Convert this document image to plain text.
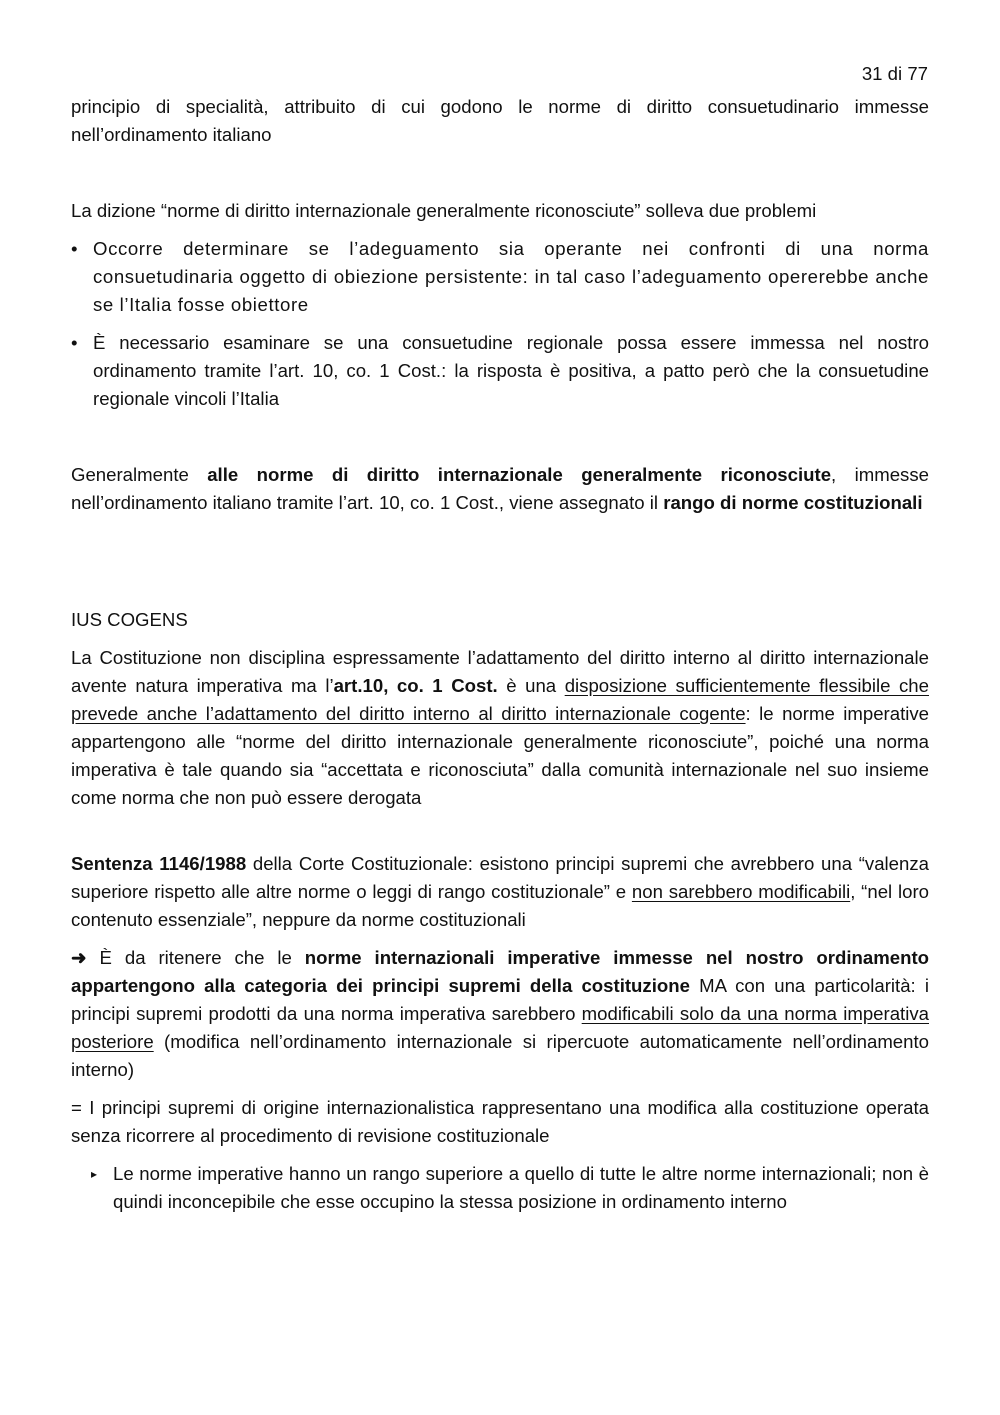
31 di 77

principio di specialità, attribuito di cui godono le norme di diritto consuetudinario immesse nell’ordinamento italiano

La dizione “norme di diritto internazionale generalmente riconosciute” solleva due problemi

• Occorre determinare se l’adeguamento sia operante nei confronti di una norma consuetudinaria oggetto di obiezione persistente: in tal caso l’adeguamento opererebbe anche se l’Italia fosse obiettore
• È necessario esaminare se una consuetudine regionale possa essere immessa nel nostro ordinamento tramite l’art. 10, co. 1 Cost.: la risposta è positiva, a patto però che la consuetudine regionale vincoli l’Italia

Generalmente alle norme di diritto internazionale generalmente riconosciute, immesse nell’ordinamento italiano tramite l’art. 10, co. 1 Cost., viene assegnato il rango di norme costituzionali

IUS COGENS

La Costituzione non disciplina espressamente l’adattamento del diritto interno al diritto internazionale avente natura imperativa ma l’art.10, co. 1 Cost. è una disposizione sufficientemente flessibile che prevede anche l’adattamento del diritto interno al diritto internazionale cogente: le norme imperative appartengono alle “norme del diritto internazionale generalmente riconosciute”, poiché una norma imperativa è tale quando sia “accettata e riconosciuta” dalla comunità internazionale nel suo insieme come norma che non può essere derogata

Sentenza 1146/1988 della Corte Costituzionale: esistono principi supremi che avrebbero una “valenza superiore rispetto alle altre norme o leggi di rango costituzionale” e non sarebbero modificabili, “nel loro contenuto essenziale”, neppure da norme costituzionali

➜ È da ritenere che le norme internazionali imperative immesse nel nostro ordinamento appartengono alla categoria dei principi supremi della costituzione MA con una particolarità: i principi supremi prodotti da una norma imperativa sarebbero modificabili solo da una norma imperativa posteriore (modifica nell’ordinamento internazionale si ripercuote automaticamente nell’ordinamento interno)

= I principi supremi di origine internazionalistica rappresentano una modifica alla costituzione operata senza ricorrere al procedimento di revisione costituzionale

▸ Le norme imperative hanno un rango superiore a quello di tutte le altre norme internazionali; non è quindi inconcepibile che esse occupino la stessa posizione in ordinamento interno
